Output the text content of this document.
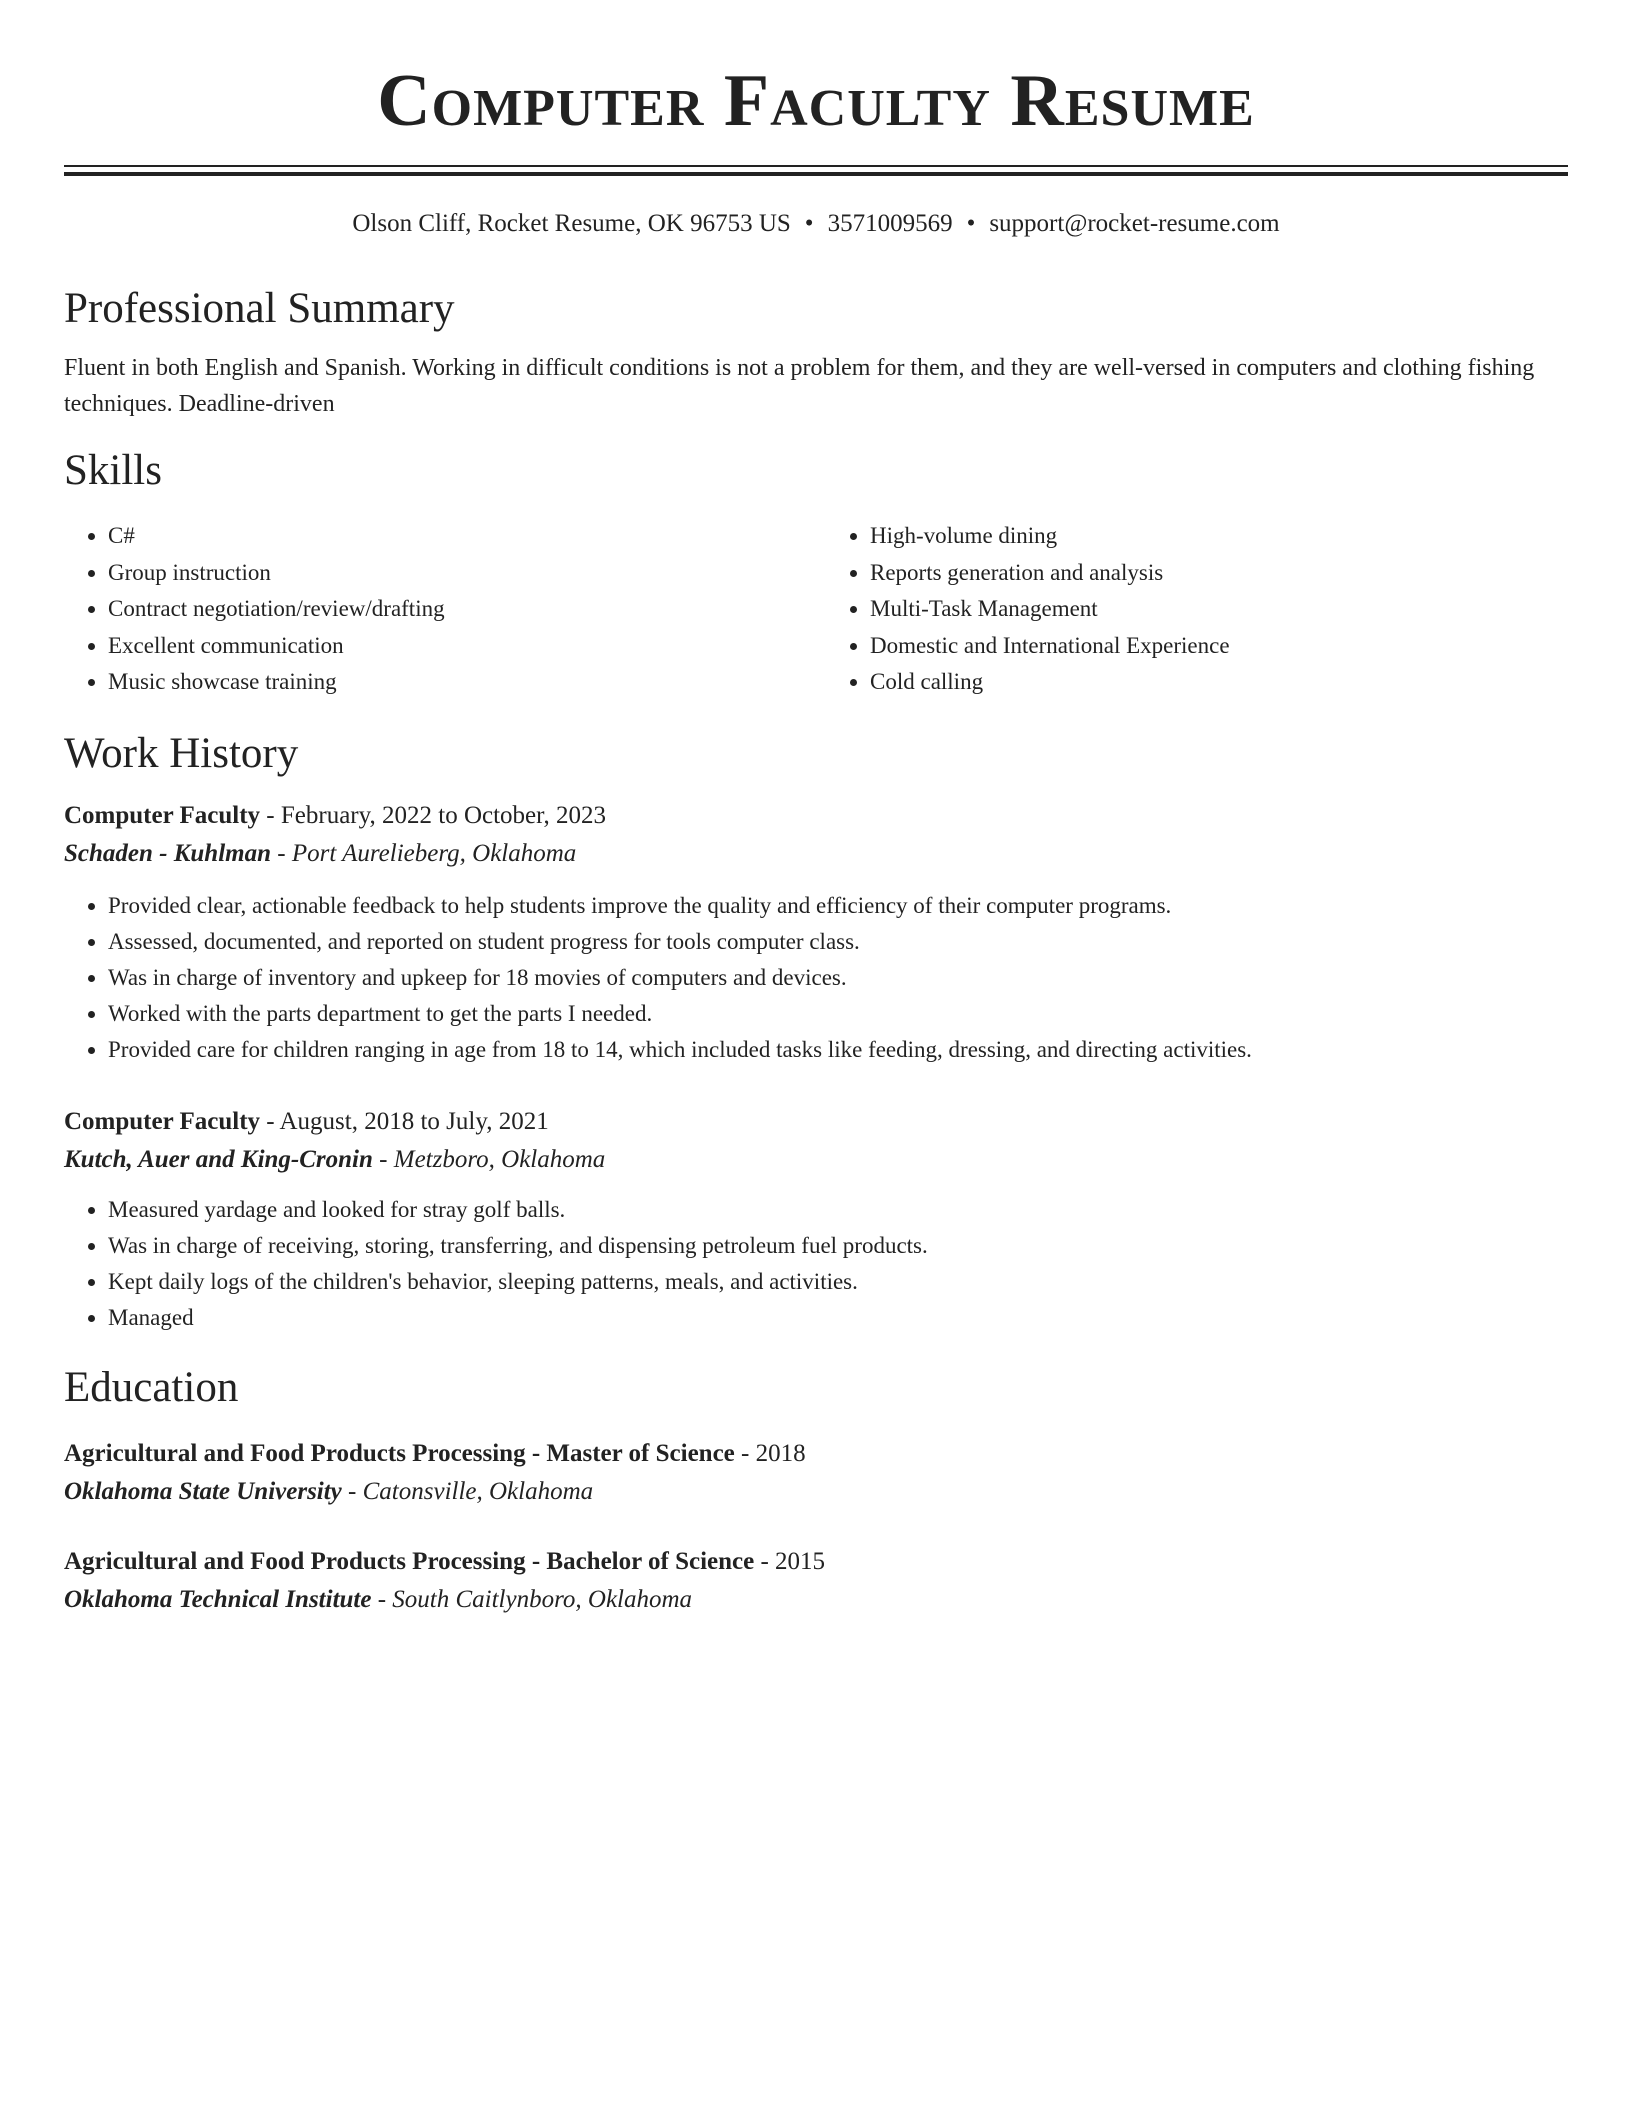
Computer Faculty Resume
Olson Cliff, Rocket Resume, OK 96753 US • 3571009569 • support@rocket-resume.com
Professional Summary

Fluent in both English and Spanish. Working in difficult conditions is not a problem for them, and they are well-versed in computers and clothing fishing techniques. Deadline-driven

Skills
• C#
• Group instruction
• Contract negotiation/review/drafting
• Excellent communication
• Music showcase training
• High-volume dining
• Reports generation and analysis
• Multi-Task Management
• Domestic and International Experience
• Cold calling
Work History
Computer Faculty - February, 2022 to October, 2023
Schaden - Kuhlman - Port Aurelieberg, Oklahoma
• Provided clear, actionable feedback to help students improve the quality and efficiency of their computer programs.
• Assessed, documented, and reported on student progress for tools computer class.
• Was in charge of inventory and upkeep for 18 movies of computers and devices.
• Worked with the parts department to get the parts I needed.
• Provided care for children ranging in age from 18 to 14, which included tasks like feeding, dressing, and directing activities.
Computer Faculty - August, 2018 to July, 2021
Kutch, Auer and King-Cronin - Metzboro, Oklahoma
• Measured yardage and looked for stray golf balls.
• Was in charge of receiving, storing, transferring, and dispensing petroleum fuel products.
• Kept daily logs of the children's behavior, sleeping patterns, meals, and activities.
• Managed
Education
Agricultural and Food Products Processing - Master of Science - 2018
Oklahoma State University - Catonsville, Oklahoma
Agricultural and Food Products Processing - Bachelor of Science - 2015
Oklahoma Technical Institute - South Caitlynboro, Oklahoma
